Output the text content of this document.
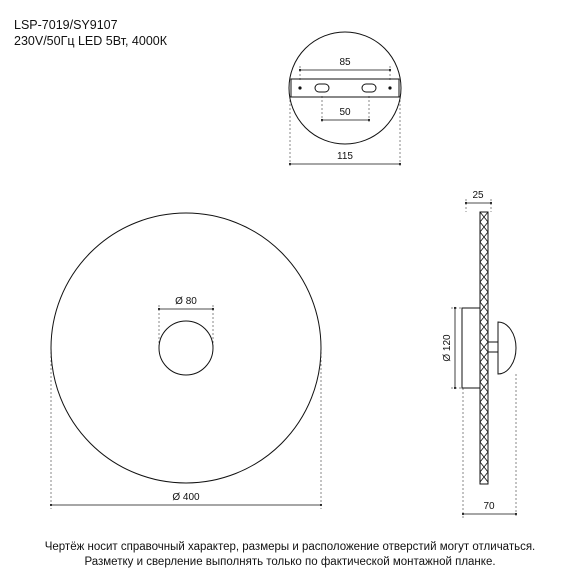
LSP-7019/SY9107
230V/50Гц LED 5Вт, 4000К
85
50
115
Ø 80
Ø 400
25
Ø 120
70
Чертёж носит справочный характер, размеры и расположение отверстий могут отличаться.
Разметку и сверление выполнять только по фактической монтажной планке.
